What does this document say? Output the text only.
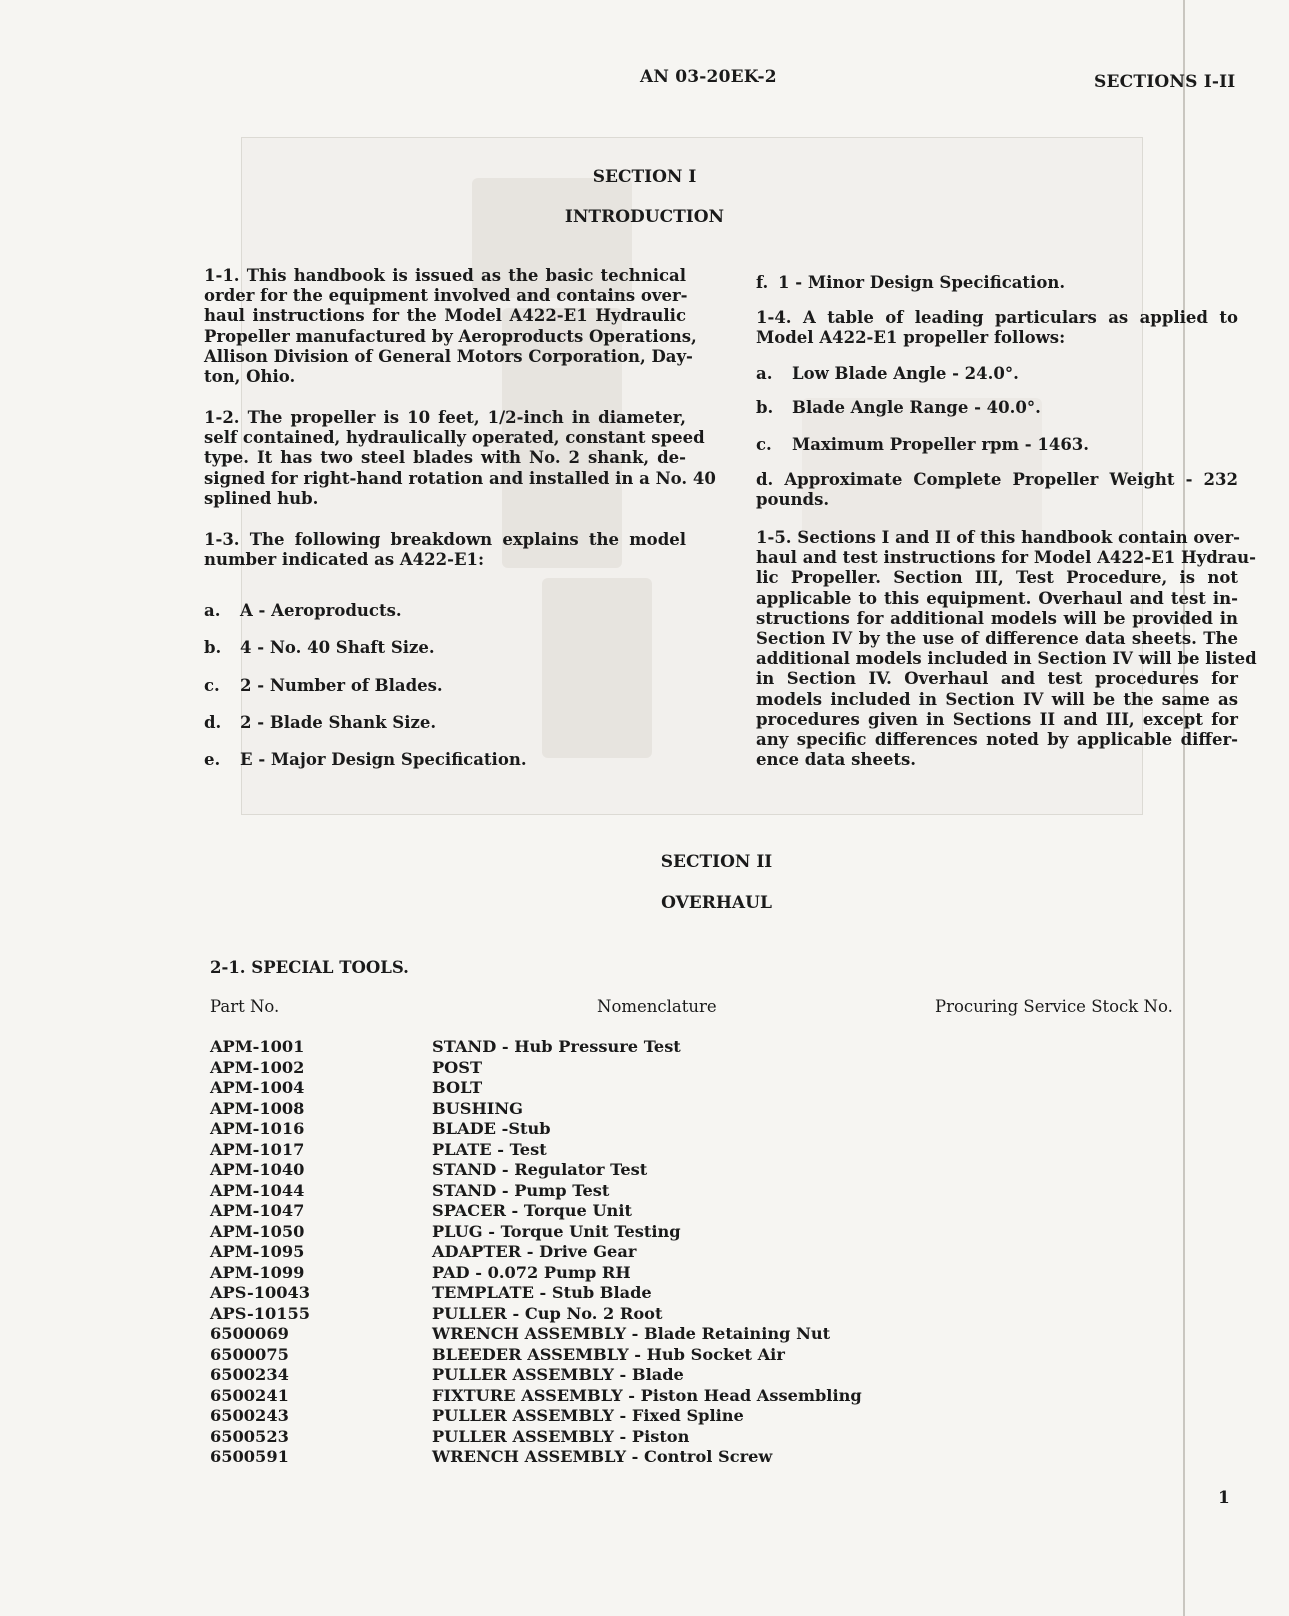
AN 03-20EK-2	SECTIONS I-II
SECTION I
INTRODUCTION
1-1. This handbook is issued as the basic technical
order for the equipment involved and contains over-
haul instructions for the Model A422-E1 Hydraulic
Propeller manufactured by Aeroproducts Operations,
Allison Division of General Motors Corporation, Day-
ton, Ohio.
1-2. The propeller is 10 feet, 1/2-inch in diameter,
self contained, hydraulically operated, constant speed
type. It has two steel blades with No. 2 shank, de-
signed for right-hand rotation and installed in a No. 40
splined hub.
1-3. The following breakdown explains the model
number indicated as A422-E1:
a. A - Aeroproducts.
b. 4 - No. 40 Shaft Size.
c. 2 - Number of Blades.
d. 2 - Blade Shank Size.
e. E - Major Design Specification.
f. 1 - Minor Design Specification.
1-4. A table of leading particulars as applied to
Model A422-E1 propeller follows:
a. Low Blade Angle - 24.0°.
b. Blade Angle Range - 40.0°.
c. Maximum Propeller rpm - 1463.
d. Approximate Complete Propeller Weight - 232
pounds.
1-5. Sections I and II of this handbook contain over-
haul and test instructions for Model A422-E1 Hydrau-
lic Propeller. Section III, Test Procedure, is not
applicable to this equipment. Overhaul and test in-
structions for additional models will be provided in
Section IV by the use of difference data sheets. The
additional models included in Section IV will be listed
in Section IV. Overhaul and test procedures for
models included in Section IV will be the same as
procedures given in Sections II and III, except for
any specific differences noted by applicable differ-
ence data sheets.
SECTION II
OVERHAUL
2-1. SPECIAL TOOLS.
Part No.	Nomenclature	Procuring Service Stock No.
APM-1001	STAND - Hub Pressure Test
APM-1002	POST
APM-1004	BOLT
APM-1008	BUSHING
APM-1016	BLADE -Stub
APM-1017	PLATE - Test
APM-1040	STAND - Regulator Test
APM-1044	STAND - Pump Test
APM-1047	SPACER - Torque Unit
APM-1050	PLUG - Torque Unit Testing
APM-1095	ADAPTER - Drive Gear
APM-1099	PAD - 0.072 Pump RH
APS-10043	TEMPLATE - Stub Blade
APS-10155	PULLER - Cup No. 2 Root
6500069	WRENCH ASSEMBLY - Blade Retaining Nut
6500075	BLEEDER ASSEMBLY - Hub Socket Air
6500234	PULLER ASSEMBLY - Blade
6500241	FIXTURE ASSEMBLY - Piston Head Assembling
6500243	PULLER ASSEMBLY - Fixed Spline
6500523	PULLER ASSEMBLY - Piston
6500591	WRENCH ASSEMBLY - Control Screw
1
